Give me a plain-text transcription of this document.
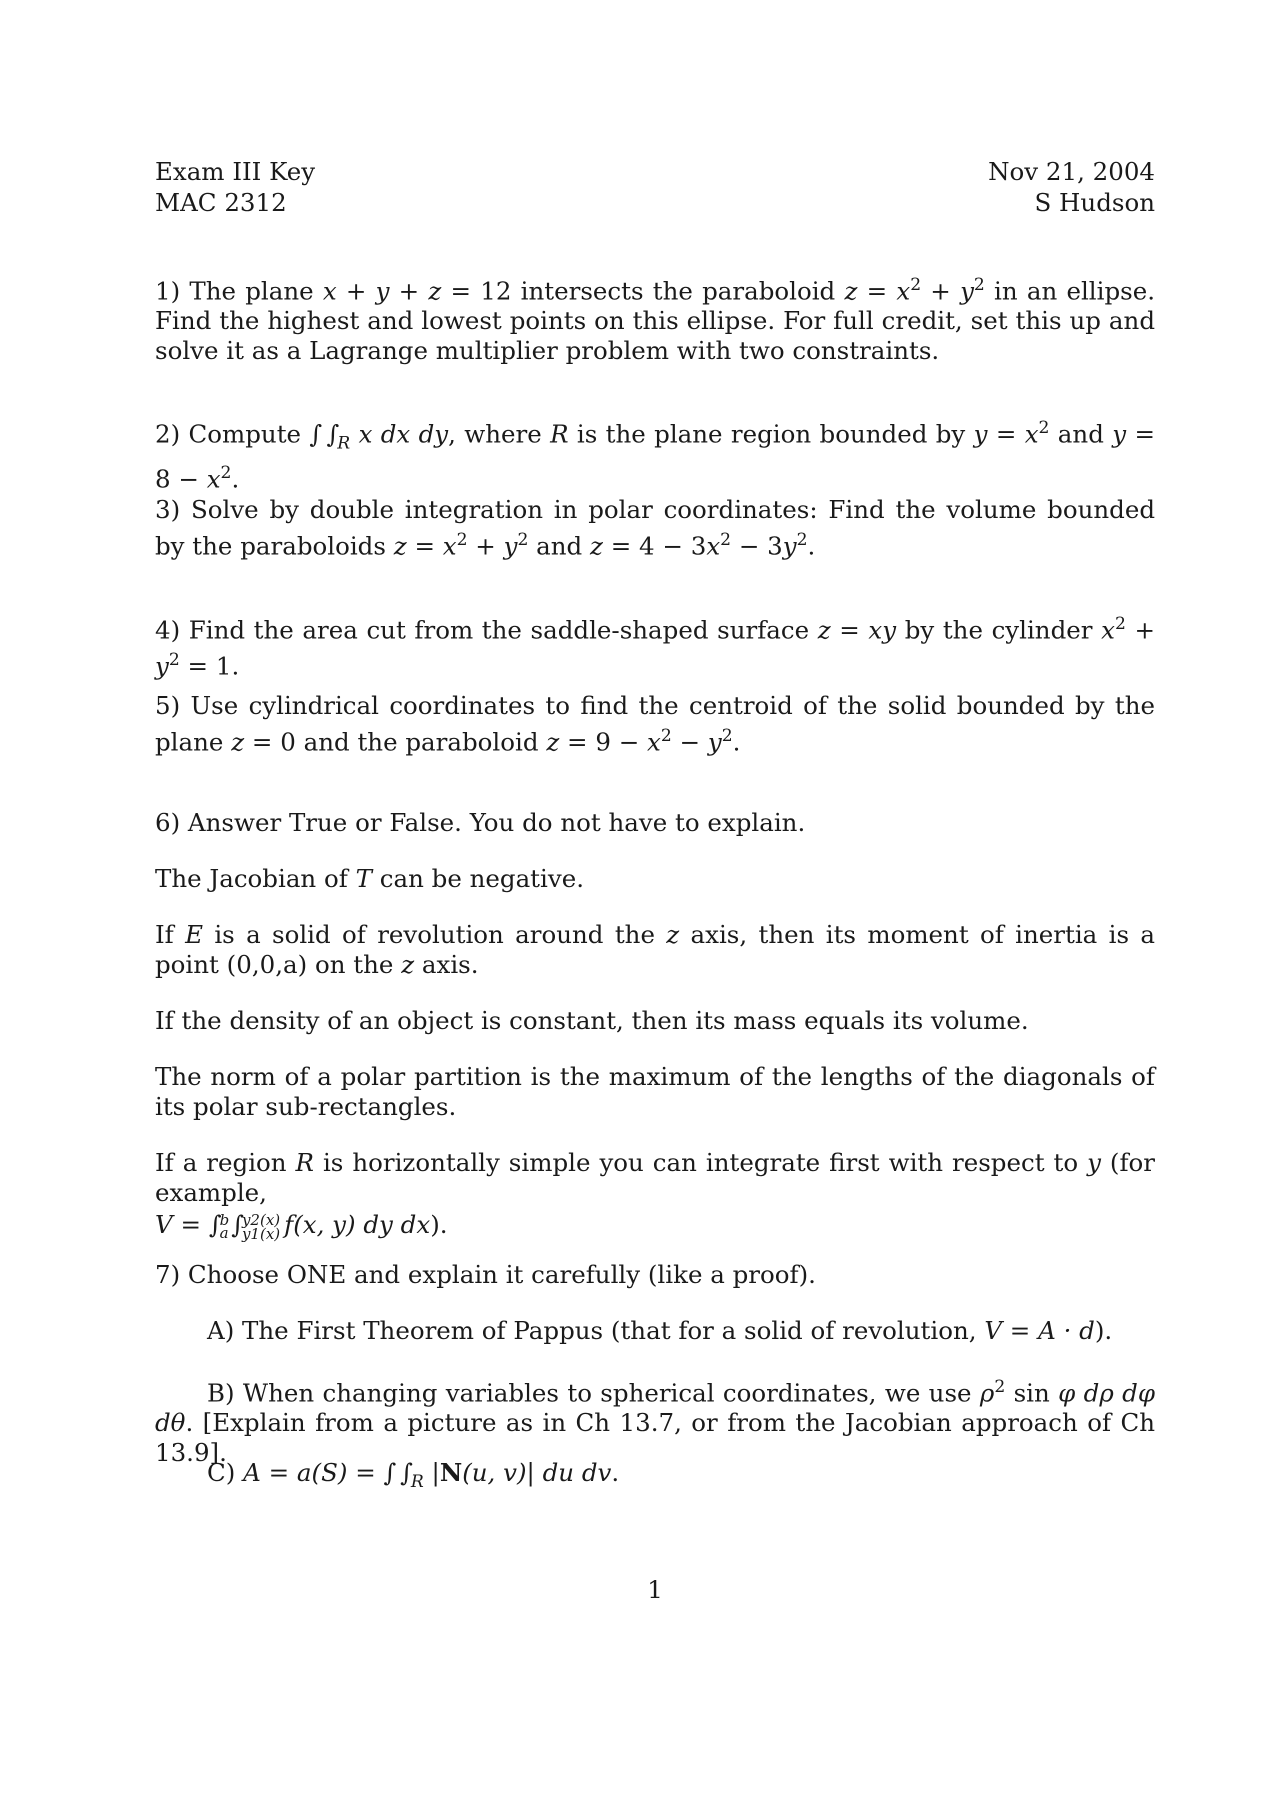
Exam III Key
MAC 2312
Nov 21, 2004
S Hudson

1) The plane x + y + z = 12 intersects the paraboloid $z = x^2 + y^2$ in an ellipse. Find the highest and lowest points on this ellipse. For full credit, set this up and solve it as a Lagrange multiplier problem with two constraints.

2) Compute ∫ $\int_R$ x dx dy, where R is the plane region bounded by $y = x^2$ and $y = 8 - x^2$.

3) Solve by double integration in polar coordinates: Find the volume bounded by the paraboloids $z = x^2 + y^2$ and $z = 4 - 3x^2 - 3y^2$.

4) Find the area cut from the saddle-shaped surface z = xy by the cylinder $x^2 + y^2 = 1$.

5) Use cylindrical coordinates to find the centroid of the solid bounded by the plane z = 0 and the paraboloid $z = 9 - x^2 - y^2$.

6) Answer True or False. You do not have to explain.

The Jacobian of T can be negative.

If E is a solid of revolution around the z axis, then its moment of inertia is a point (0,0,a) on the z axis.

If the density of an object is constant, then its mass equals its volume.

The norm of a polar partition is the maximum of the lengths of the diagonals of its polar sub-rectangles.

If a region R is horizontally simple you can integrate first with respect to y (for example,

V = ∫ b
a ∫ y2(x)
y1(x) f(x, y) dy dx).

7) Choose ONE and explain it carefully (like a proof).

A) The First Theorem of Pappus (that for a solid of revolution, V = A · d).

B) When changing variables to spherical coordinates, we use $\rho^2$ sin φ dρ dφ dθ. [Explain from a picture as in Ch 13.7, or from the Jacobian approach of Ch 13.9].

C) A = a(S) = ∫ $\int_R$ |N(u, v)| du dv.

1
